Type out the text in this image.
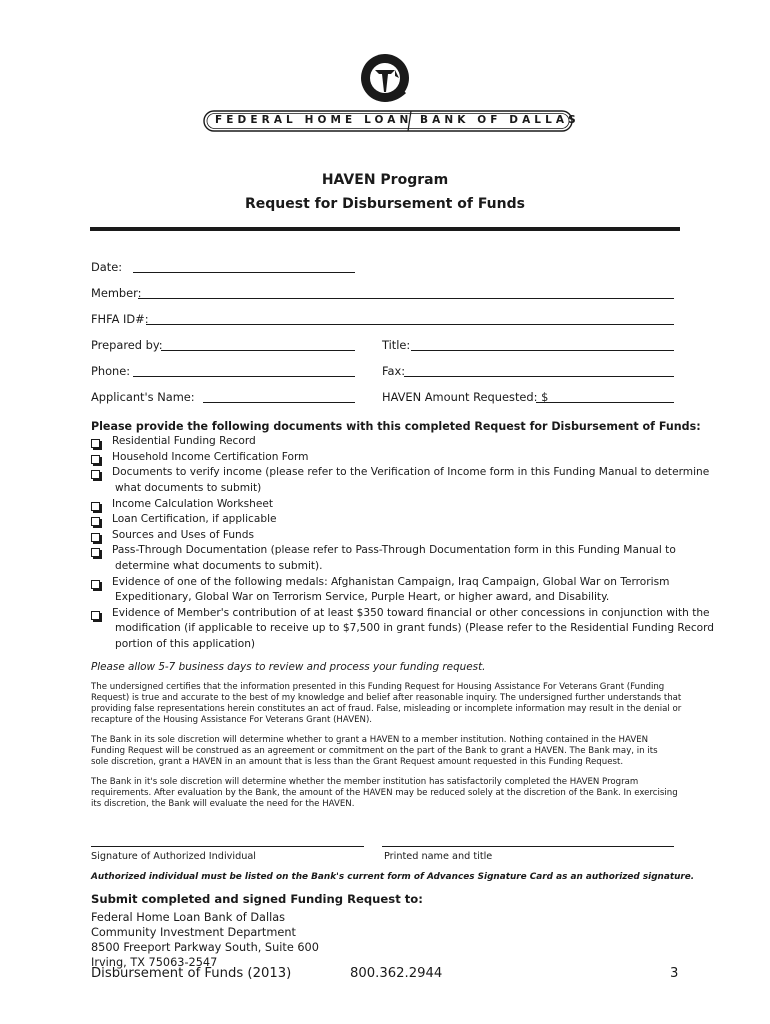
FEDERAL HOME LOAN BANK OF DALLAS
HAVEN Program
Request for Disbursement of Funds
Date:
Member:
FHFA ID#:
Prepared by:	Title:
Phone:	Fax:
Applicant's Name:	HAVEN Amount Requested: $
Please provide the following documents with this completed Request for Disbursement of Funds:
Residential Funding Record
Household Income Certification Form
Documents to verify income (please refer to the Verification of Income form in this Funding Manual to determine
what documents to submit)
Income Calculation Worksheet
Loan Certification, if applicable
Sources and Uses of Funds
Pass-Through Documentation (please refer to Pass-Through Documentation form in this Funding Manual to
determine what documents to submit).
Evidence of one of the following medals: Afghanistan Campaign, Iraq Campaign, Global War on Terrorism
Expeditionary, Global War on Terrorism Service, Purple Heart, or higher award, and Disability.
Evidence of Member's contribution of at least $350 toward financial or other concessions in conjunction with the
modification (if applicable to receive up to $7,500 in grant funds) (Please refer to the Residential Funding Record
portion of this application)
Please allow 5-7 business days to review and process your funding request.
The undersigned certifies that the information presented in this Funding Request for Housing Assistance For Veterans Grant (Funding
Request) is true and accurate to the best of my knowledge and belief after reasonable inquiry. The undersigned further understands that
providing false representations herein constitutes an act of fraud. False, misleading or incomplete information may result in the denial or
recapture of the Housing Assistance For Veterans Grant (HAVEN).
The Bank in its sole discretion will determine whether to grant a HAVEN to a member institution. Nothing contained in the HAVEN
Funding Request will be construed as an agreement or commitment on the part of the Bank to grant a HAVEN. The Bank may, in its
sole discretion, grant a HAVEN in an amount that is less than the Grant Request amount requested in this Funding Request.
The Bank in it's sole discretion will determine whether the member institution has satisfactorily completed the HAVEN Program
requirements. After evaluation by the Bank, the amount of the HAVEN may be reduced solely at the discretion of the Bank. In exercising
its discretion, the Bank will evaluate the need for the HAVEN.
Signature of Authorized Individual	Printed name and title
Authorized individual must be listed on the Bank's current form of Advances Signature Card as an authorized signature.
Submit completed and signed Funding Request to:
Federal Home Loan Bank of Dallas
Community Investment Department
8500 Freeport Parkway South, Suite 600
Irving, TX 75063-2547
Disbursement of Funds (2013)	800.362.2944	3
